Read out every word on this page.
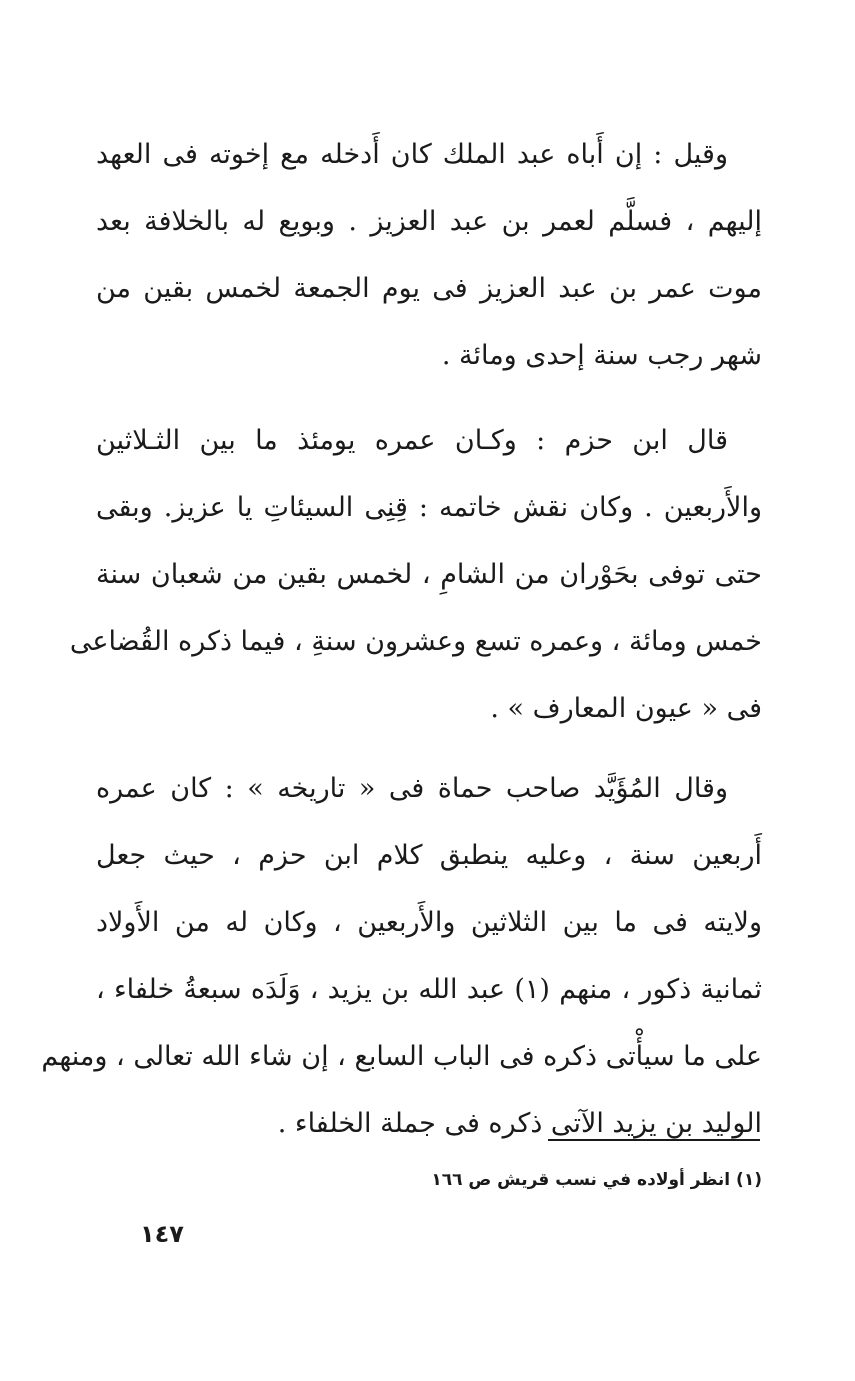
وقيل : إن أَباه عبد الملك كان أَدخله مع إخوته فى العهد
إليهم ، فسلَّم لعمر بن عبد العزيز . وبويع له بالخلافة بعد
موت عمر بن عبد العزيز فى يوم الجمعة لخمس بقين من
شهر رجب سنة إحدى ومائة .
قال ابن حزم : وكـان عمره يومئذ ما بين الثـلاثين
والأَربعين . وكان نقش خاتمه : قِنِى السيئاتِ يا عزيز. وبقى
حتى توفى بحَوْران من الشامِ ، لخمس بقين من شعبان سنة
خمس ومائة ، وعمره تسع وعشرون سنةِ ، فيما ذكره القُضاعى
فى « عيون المعارف » .
وقال المُؤَيَّد صاحب حماة فى « تاريخه » : كان عمره
أَربعين سنة ، وعليه ينطبق كلام ابن حزم ، حيث جعل
ولايته فى ما بين الثلاثين والأَربعين ، وكان له من الأَولاد
ثمانية ذكور ، منهم (١) عبد الله بن يزيد ، وَلَدَه سبعةُ خلفاء ،
على ما سيأْتى ذكره فى الباب السابع ، إن شاء الله تعالى ، ومنهم
الوليد بن يزيد الآتى ذكره فى جملة الخلفاء .
(١) انظر أولاده في نسب قريش ص ١٦٦
١٤٧
